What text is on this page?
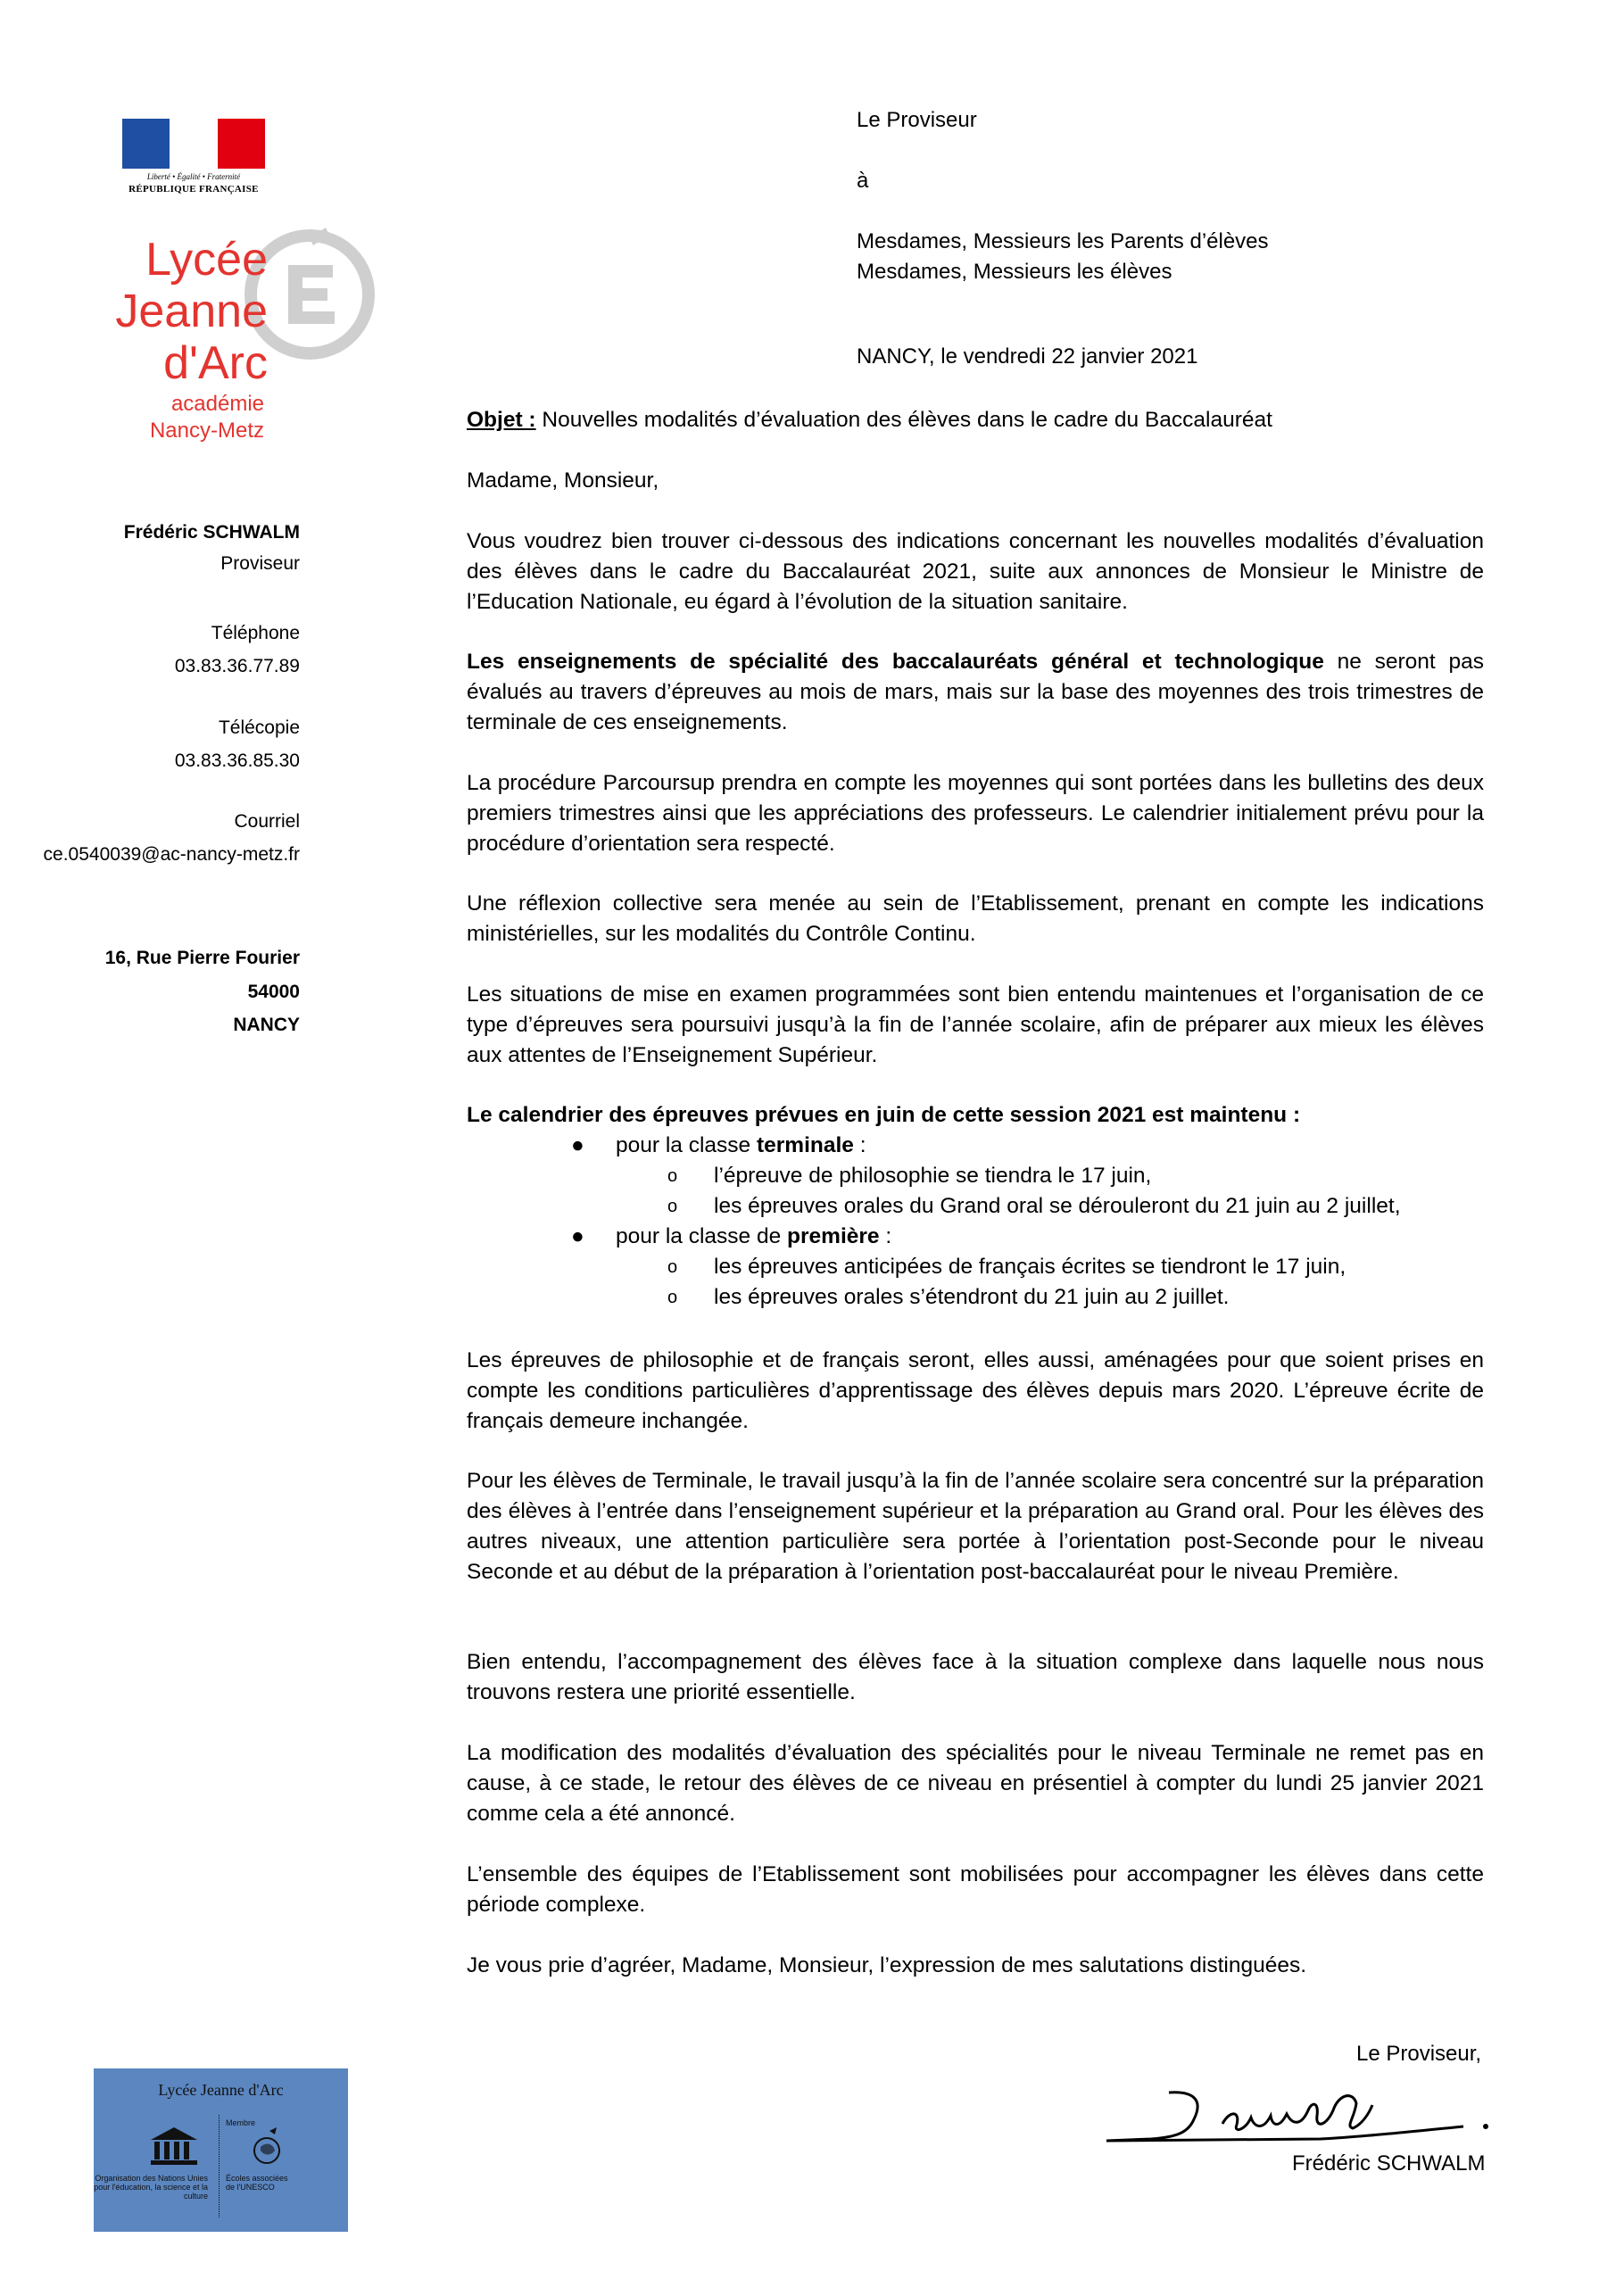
Liberté • Égalité • Fraternité
RÉPUBLIQUE FRANÇAISE
Lycée
Jeanne d'Arc
académie
Nancy-Metz
Frédéric SCHWALM
Proviseur
Téléphone
03.83.36.77.89
Télécopie
03.83.36.85.30
Courriel
ce.0540039@ac-nancy-metz.fr
16, Rue Pierre Fourier
54000
NANCY
Le Proviseur
à
Mesdames, Messieurs les Parents d’élèves
Mesdames, Messieurs les élèves
NANCY, le vendredi 22 janvier 2021
Objet : Nouvelles modalités d’évaluation des élèves dans le cadre du Baccalauréat
Madame, Monsieur,
Vous voudrez bien trouver ci-dessous des indications concernant les nouvelles modalités d’évaluation des élèves dans le cadre du Baccalauréat 2021, suite aux annonces de Monsieur le Ministre de l’Education Nationale, eu égard à l’évolution de la situation sanitaire.
Les enseignements de spécialité des baccalauréats général et technologique ne seront pas évalués au travers d’épreuves au mois de mars, mais sur la base des moyennes des trois trimestres de terminale de ces enseignements.
La procédure Parcoursup prendra en compte les moyennes qui sont portées dans les bulletins des deux premiers trimestres ainsi que les appréciations des professeurs. Le calendrier initialement prévu pour la procédure d’orientation sera respecté.
Une réflexion collective sera menée au sein de l’Etablissement, prenant en compte les indications ministérielles, sur les modalités du Contrôle Continu.
Les situations de mise en examen programmées sont bien entendu maintenues et l’organisation de ce type d’épreuves sera poursuivi jusqu’à la fin de l’année scolaire, afin de préparer aux mieux les élèves aux attentes de l’Enseignement Supérieur.
Le calendrier des épreuves prévues en juin de cette session 2021 est maintenu :
● pour la classe terminale :
o l’épreuve de philosophie se tiendra le 17 juin,
o les épreuves orales du Grand oral se dérouleront du 21 juin au 2 juillet,
● pour la classe de première :
o les épreuves anticipées de français écrites se tiendront le 17 juin,
o les épreuves orales s’étendront du 21 juin au 2 juillet.
Les épreuves de philosophie et de français seront, elles aussi, aménagées pour que soient prises en compte les conditions particulières d’apprentissage des élèves depuis mars 2020. L’épreuve écrite de français demeure inchangée.
Pour les élèves de Terminale, le travail jusqu’à la fin de l’année scolaire sera concentré sur la préparation des élèves à l’entrée dans l’enseignement supérieur et la préparation au Grand oral. Pour les élèves des autres niveaux, une attention particulière sera portée à l’orientation post-Seconde pour le niveau Seconde et au début de la préparation à l’orientation post-baccalauréat pour le niveau Première.
Bien entendu, l’accompagnement des élèves face à la situation complexe dans laquelle nous nous trouvons restera une priorité essentielle.
La modification des modalités d’évaluation des spécialités pour le niveau Terminale ne remet pas en cause, à ce stade, le retour des élèves de ce niveau en présentiel à compter du lundi 25 janvier 2021 comme cela a été annoncé.
L’ensemble des équipes de l’Etablissement sont mobilisées pour accompagner les élèves dans cette période complexe.
Je vous prie d’agréer, Madame, Monsieur, l’expression de mes salutations distinguées.
Le Proviseur,
Frédéric SCHWALM
Lycée Jeanne d'Arc
Organisation des Nations Unies pour l'éducation, la science et la culture
Membre
Écoles associées de l'UNESCO
